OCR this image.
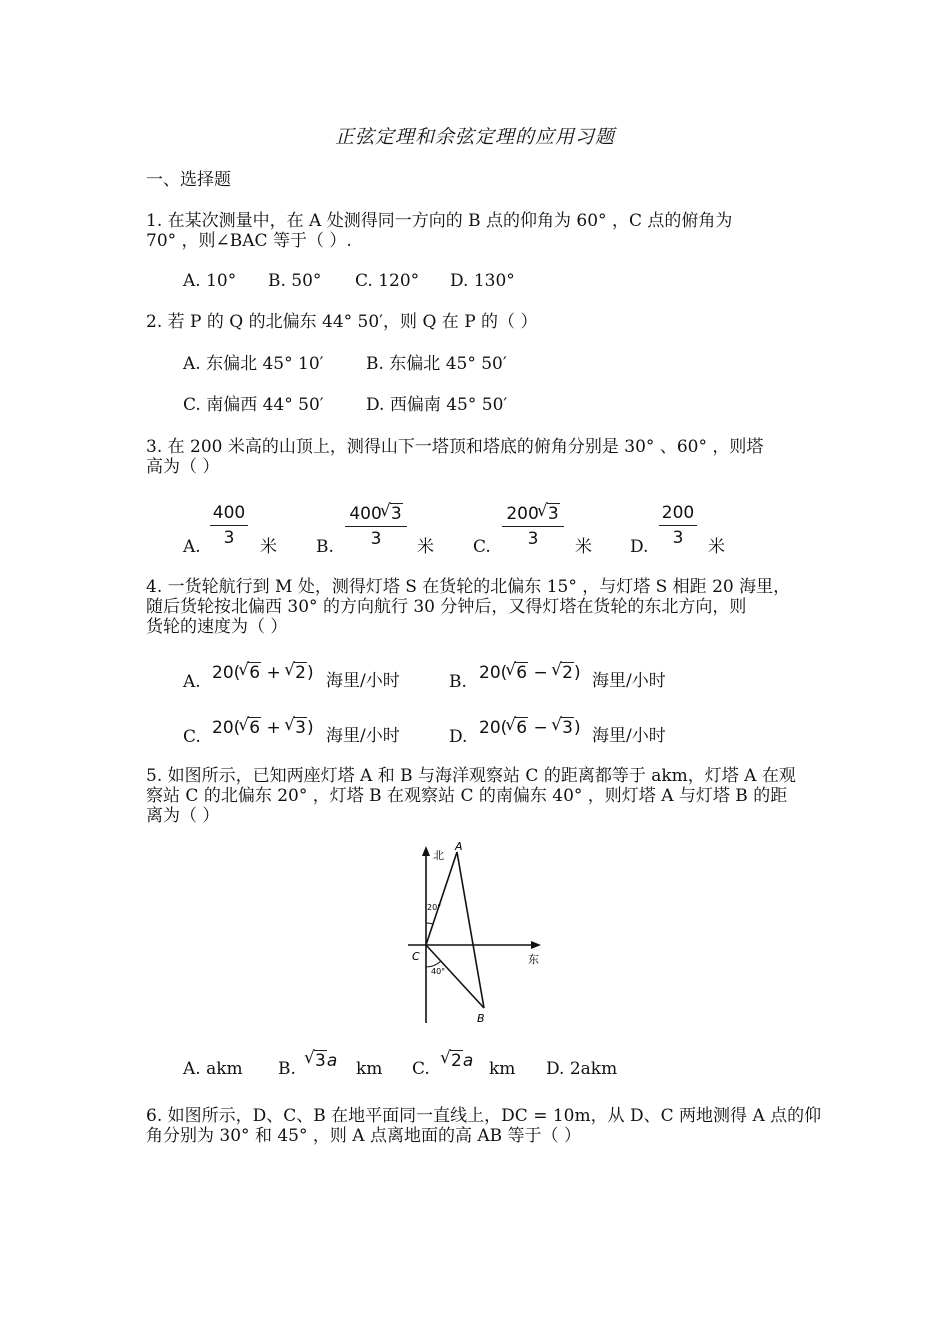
正弦定理和余弦定理的应用习题
一、选择题
1. 在某次测量中，在 A 处测得同一方向的 B 点的仰角为 60° ，C 点的俯角为
70° ，则∠BAC 等于（ ）.
A. 10° B. 50° C. 120° D. 130°
2. 若 P 的 Q 的北偏东 44° 50′，则 Q 在 P 的（ ）
A. 东偏北 45° 10′ B. 东偏北 45° 50′
C. 南偏西 44° 50′ D. 西偏南 45° 50′
3. 在 200 米高的山顶上，测得山下一塔顶和塔底的俯角分别是 30° 、60° ，则塔
高为（ ）
A.
400
3	米 B.
400 √ 3
3	米 C.
200 √ 3
3	米 D.
200
3	米
4. 一货轮航行到 M 处，测得灯塔 S 在货轮的北偏东 15° ，与灯塔 S 相距 20 海里，
随后货轮按北偏西 30° 的方向航行 30 分钟后，又得灯塔在货轮的东北方向，则
货轮的速度为（ ）
A. 20( √ 6 + √ 2) 海里/小时	B. 20( √ 6 − √ 2) 海里/小时
C. 20( √ 6 + √ 3) 海里/小时	D. 20( √ 6 − √ 3) 海里/小时
5. 如图所示，已知两座灯塔 A 和 B 与海洋观察站 C 的距离都等于 akm，灯塔 A 在观
察站 C 的北偏东 20° ，灯塔 B 在观察站 C 的南偏东 40° ，则灯塔 A 与灯塔 B 的距
离为（ ）
北
东
20°
40°
A
B
C
A. akm B.	√ 3a km C.	√ 2a km D. 2akm
6. 如图所示，D、C、B 在地平面同一直线上，DC = 10m，从 D、C 两地测得 A 点的仰
角分别为 30° 和 45° ，则 A 点离地面的高 AB 等于（ ）
